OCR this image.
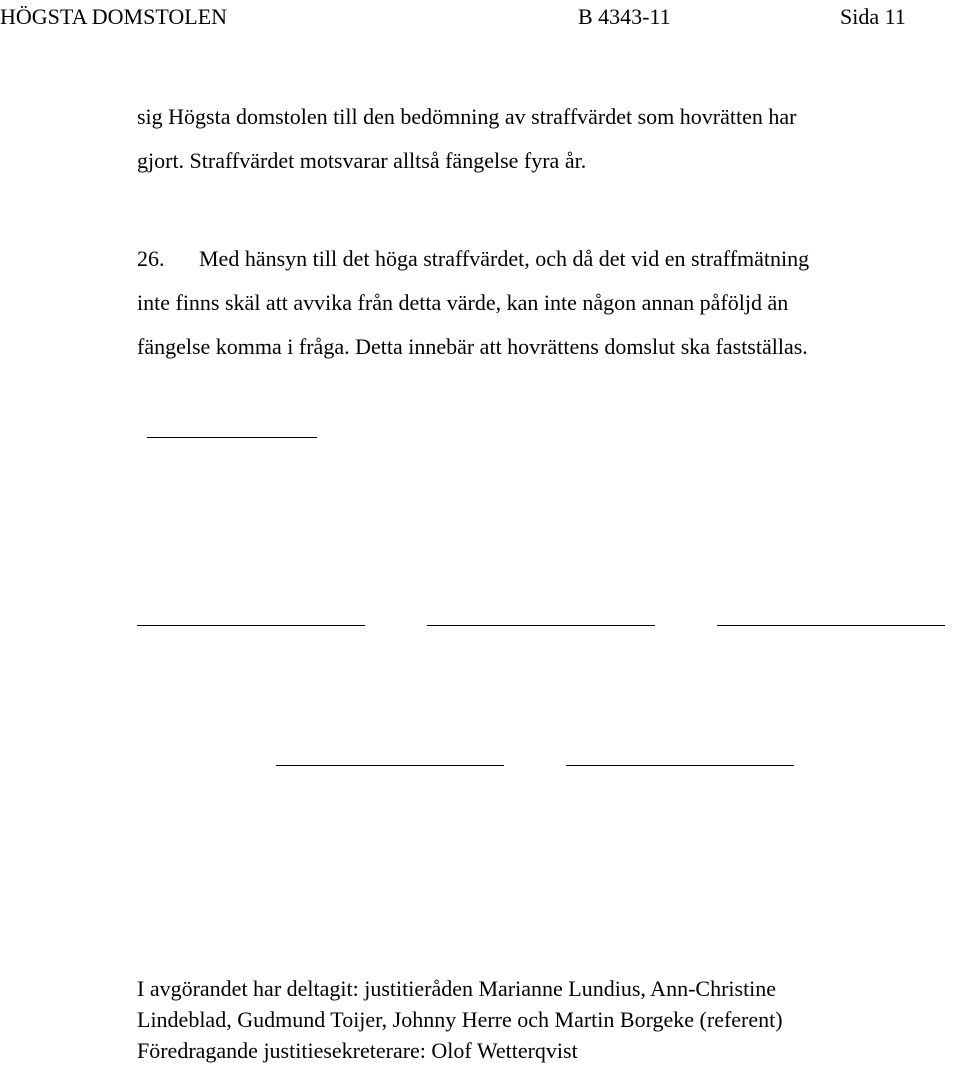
HÖGSTA DOMSTOLEN	B 4343-11	Sida 11
sig Högsta domstolen till den bedömning av straffvärdet som hovrätten har
gjort. Straffvärdet motsvarar alltså fängelse fyra år.
26. Med hänsyn till det höga straffvärdet, och då det vid en straffmätning
inte finns skäl att avvika från detta värde, kan inte någon annan påföljd än
fängelse komma i fråga. Detta innebär att hovrättens domslut ska fastställas.
I avgörandet har deltagit: justitieråden Marianne Lundius, Ann-Christine
Lindeblad, Gudmund Toijer, Johnny Herre och Martin Borgeke (referent)
Föredragande justitiesekreterare: Olof Wetterqvist
